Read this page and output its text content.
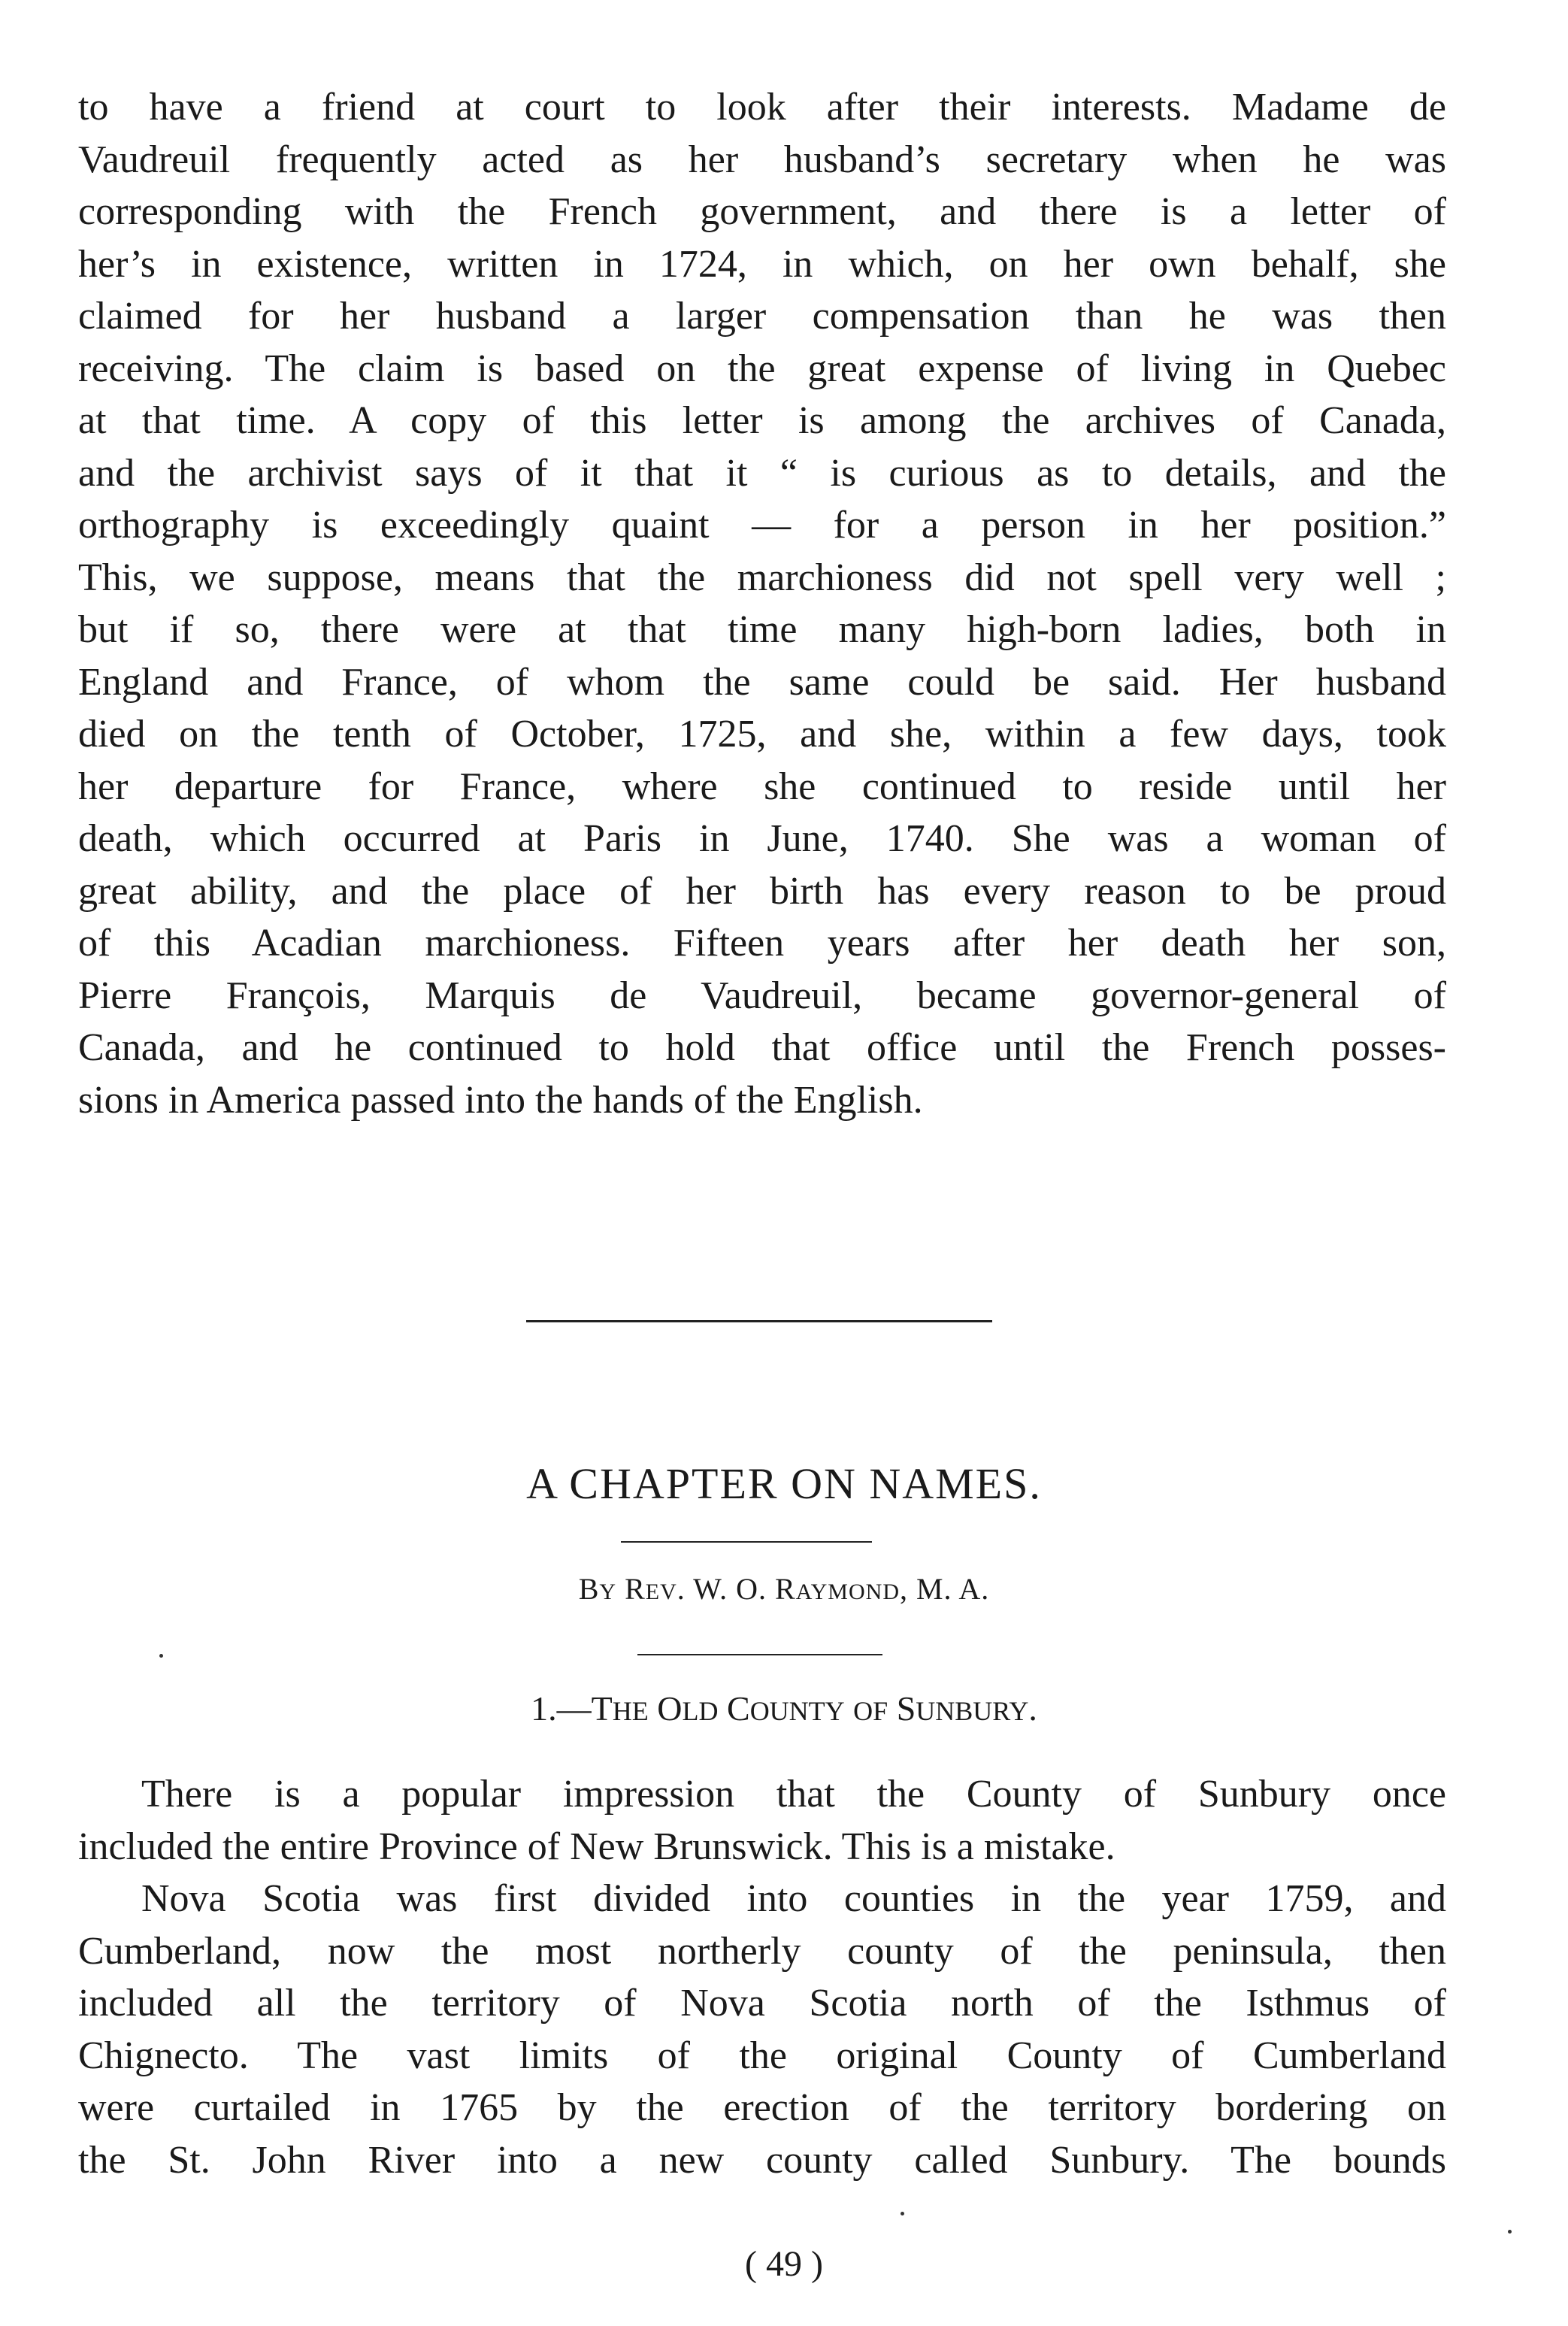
to have a friend at court to look after their interests. Madame de
Vaudreuil frequently acted as her husband’s secretary when he was
corresponding with the French government, and there is a letter of
her’s in existence, written in 1724, in which, on her own behalf, she
claimed for her husband a larger compensation than he was then
receiving. The claim is based on the great expense of living in Quebec
at that time. A copy of this letter is among the archives of Canada,
and the archivist says of it that it “ is curious as to details, and the
orthography is exceedingly quaint — for a person in her position.”
This, we suppose, means that the marchioness did not spell very well ;
but if so, there were at that time many high-born ladies, both in
England and France, of whom the same could be said. Her husband
died on the tenth of October, 1725, and she, within a few days, took
her departure for France, where she continued to reside until her
death, which occurred at Paris in June, 1740. She was a woman of
great ability, and the place of her birth has every reason to be proud
of this Acadian marchioness. Fifteen years after her death her son,
Pierre François, Marquis de Vaudreuil, became governor-general of
Canada, and he continued to hold that office until the French posses-
sions in America passed into the hands of the English.
A CHAPTER ON NAMES.
BY REV. W. O. RAYMOND, M. A.
1.—THE OLD COUNTY OF SUNBURY.
There is a popular impression that the County of Sunbury once
included the entire Province of New Brunswick. This is a mistake.
Nova Scotia was first divided into counties in the year 1759, and
Cumberland, now the most northerly county of the peninsula, then
included all the territory of Nova Scotia north of the Isthmus of
Chignecto. The vast limits of the original County of Cumberland
were curtailed in 1765 by the erection of the territory bordering on
the St. John River into a new county called Sunbury. The bounds
( 49 )
